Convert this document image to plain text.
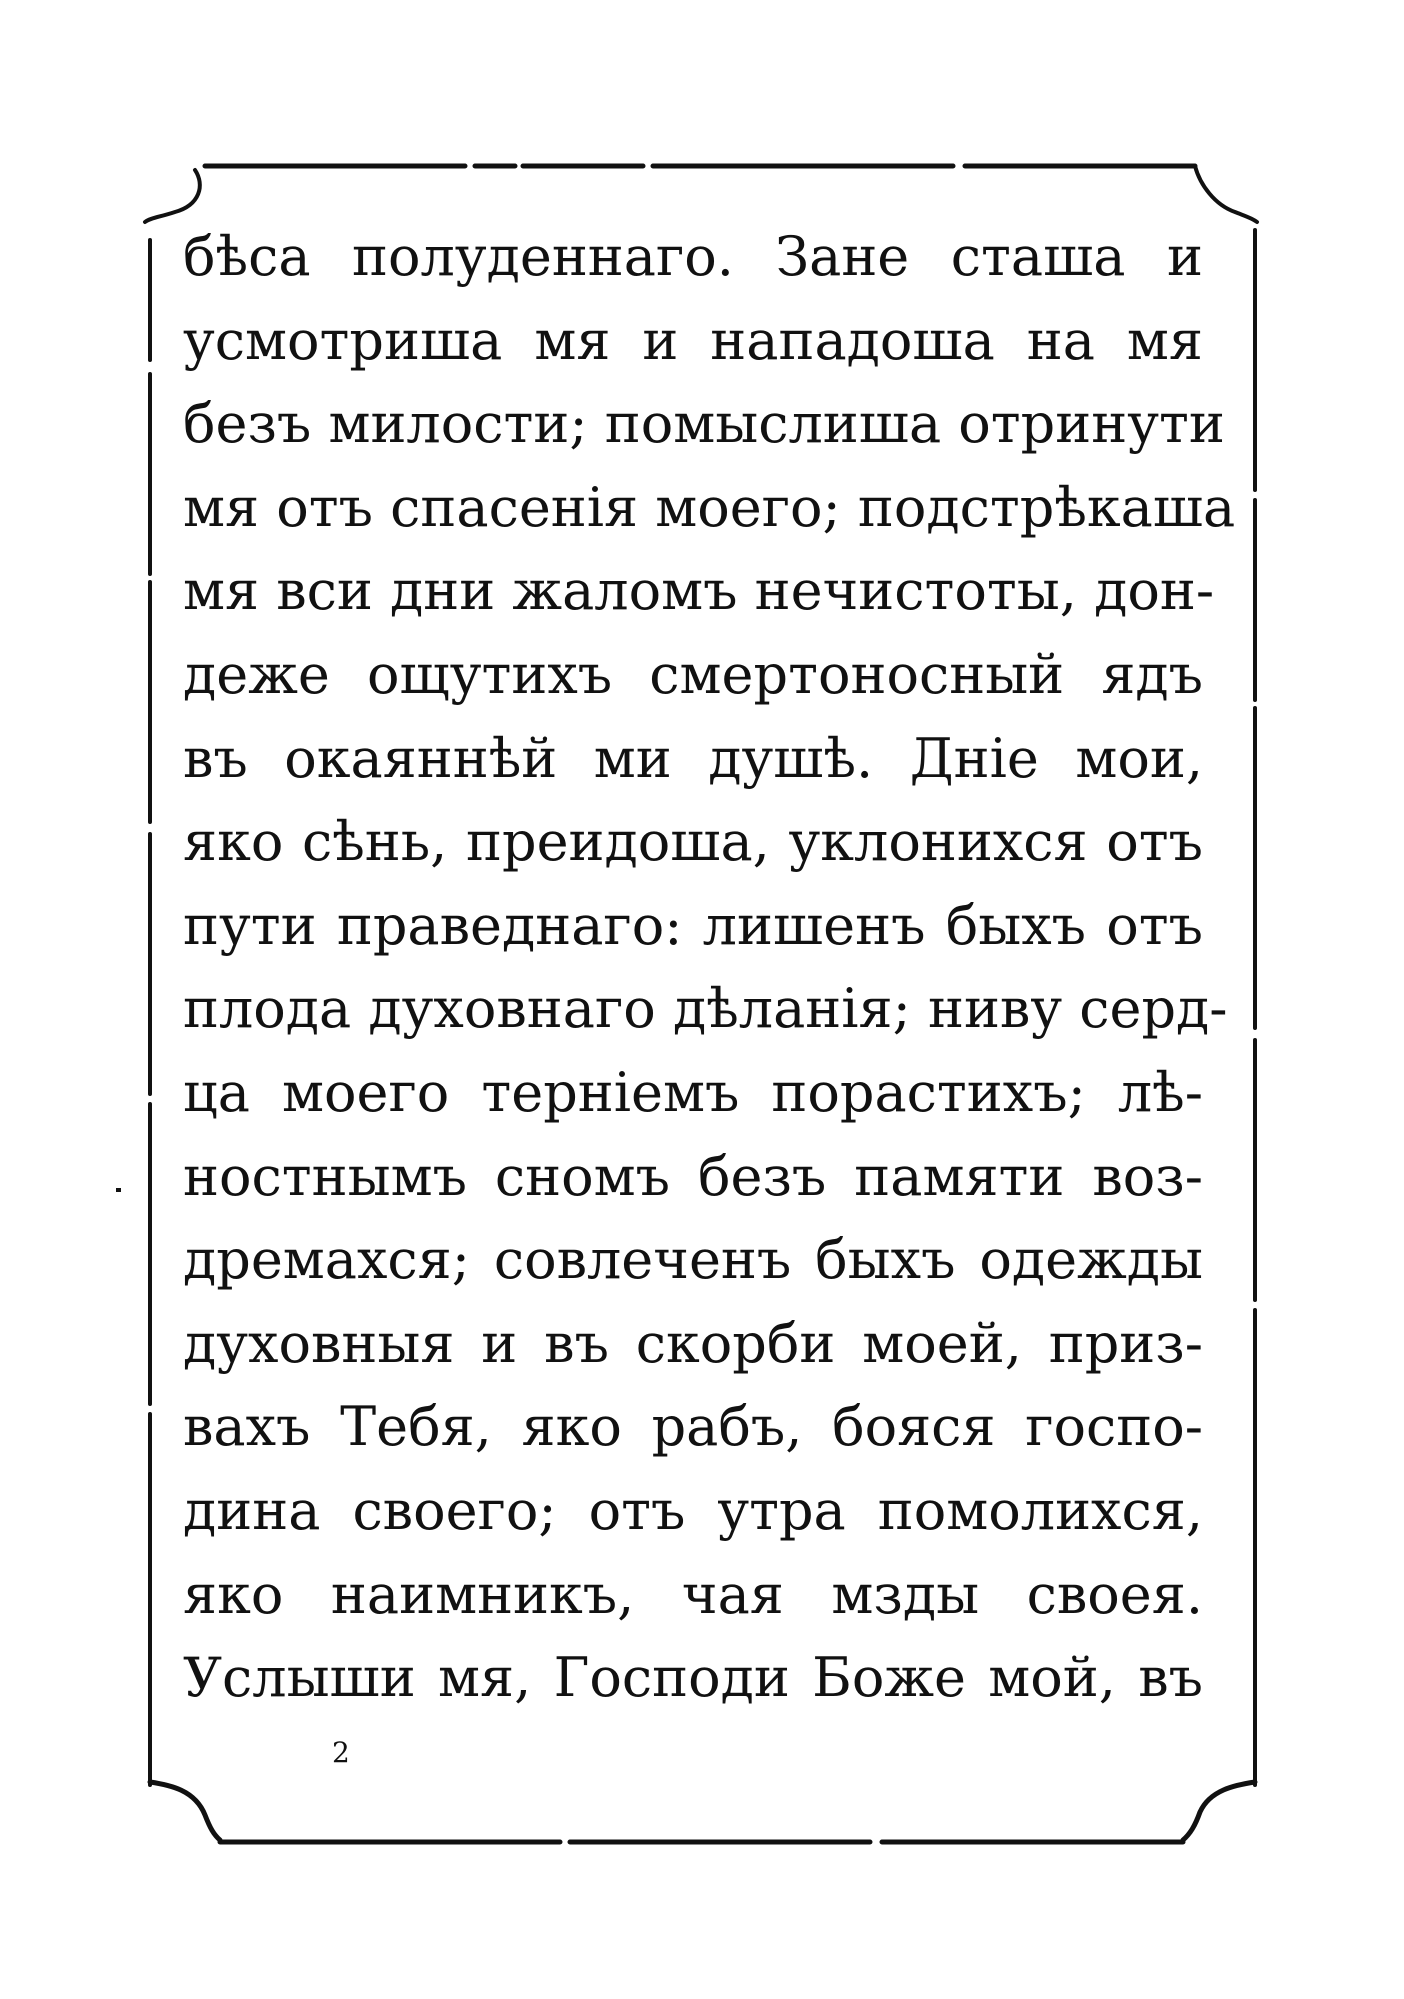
бѣса полуденнаго. Зане сташа и
усмотриша мя и нападоша на мя
безъ милости; помыслиша отринути
мя отъ спасенія моего; подстрѣкаша
мя вси дни жаломъ нечистоты, дон-
деже ощутихъ смертоносный ядъ
въ окаяннѣй ми душѣ. Дніе мои,
яко сѣнь, преидоша, уклонихся отъ
пути праведнаго: лишенъ быхъ отъ
плода духовнаго дѣланія; ниву серд-
ца моего терніемъ порастихъ; лѣ-
ностнымъ сномъ безъ памяти воз-
дремахся; совлеченъ быхъ одежды
духовныя и въ скорби моей, приз-
вахъ Тебя, яко рабъ, бояся госпо-
дина своего; отъ утра помолихся,
яко наимникъ, чая мзды своея.
Услыши мя, Господи Боже мой, въ
2
